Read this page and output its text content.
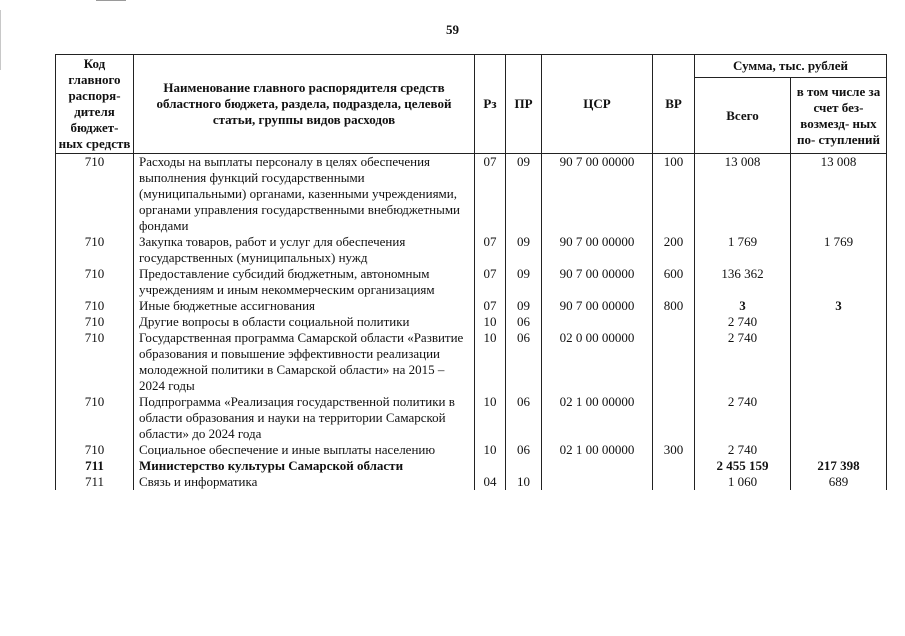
59
Код главного распоря- дителя бюджет- ных средств	Наименование главного распорядителя средств областного бюджета, раздела, подраздела, целевой статьи, группы видов расходов	Рз	ПР	ЦСР	ВР	Сумма, тыс. рублей	
						Всего	в том числе за счет без- возмезд- ных по- ступлений
710	Расходы на выплаты персоналу в целях обеспечения выполнения функций государственными (муниципальными) органами, казенными учреждениями, органами управления государственными внебюджетными фондами	07	09	90 7 00 00000	100	13 008	13 008
710	Закупка товаров, работ и услуг для обеспечения государственных (муниципальных) нужд	07	09	90 7 00 00000	200	1 769	1 769
710	Предоставление субсидий бюджетным, автономным учреждениям и иным некоммерческим организациям	07	09	90 7 00 00000	600	136 362	
710	Иные бюджетные ассигнования	07	09	90 7 00 00000	800	3	3
710	Другие вопросы в области социальной политики	10	06			2 740	
710	Государственная программа Самарской области «Развитие образования и повышение эффективности реализации молодежной политики в Самарской области» на 2015 – 2024 годы	10	06	02 0 00 00000		2 740	
710	Подпрограмма «Реализация государственной политики в области образования и науки на территории Самарской области» до 2024 года	10	06	02 1 00 00000		2 740	
710	Социальное обеспечение и иные выплаты населению	10	06	02 1 00 00000	300	2 740	
711	Министерство культуры Самарской области					2 455 159	217 398
711	Связь и информатика	04	10			1 060	689
